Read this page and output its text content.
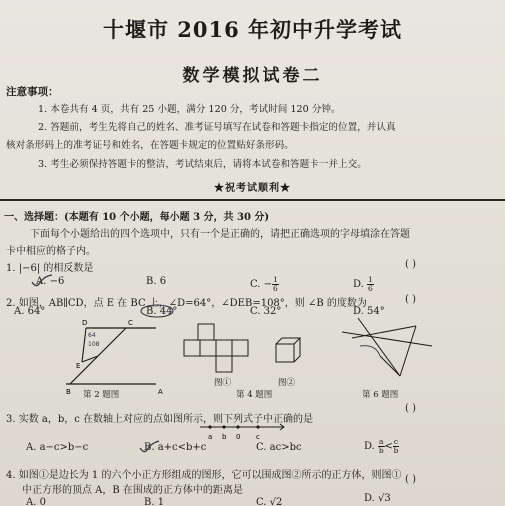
十堰市 2016 年初中升学考试
数学模拟试卷二
注意事项：
1. 本卷共有 4 页，共有 25 小题，满分 120 分，考试时间 120 分钟。
2. 答题前，考生先将自己的姓名、准考证号填写在试卷和答题卡指定的位置，并认真
核对条形码上的准考证号和姓名，在答题卡规定的位置贴好条形码。
3. 考生必须保持答题卡的整洁，考试结束后，请将本试卷和答题卡一并上交。
★祝考试顺利★
一、选择题：(本题有 10 个小题，每小题 3 分，共 30 分)
下面每个小题给出的四个选项中，只有一个是正确的，请把正确选项的字母填涂在答题
卡中相应的格子内。
1. |−6| 的相反数是	( )
A. −6	B. 6	C. − $\frac{1}{6}$	D. $\frac{1}{6}$
2. 如图，AB∥CD，点 E 在 BC 上，∠D=64°，∠DEB=108°，则 ∠B 的度数为	( )
A. 64°	B. 44°	C. 32°	D. 54°
D	C
E
B	A
108
64
第 2 题图
图①	图②
第 4 题图	第 6 题图
3. 实数 a，b，c 在数轴上对应的点如图所示，则下列式子中正确的是
( )
a b 0 c
A. a−c>b−c	B. a+c<b+c	C. ac>bc	D. $\frac{a}{b} < \frac{c}{b}$
4. 如图①是边长为 1 的六个小正方形组成的图形，它可以围成图②所示的正方体，则图①
中正方形的顶点 A，B 在围成的正方体中的距离是
( )
A. 0	B. 1	C. √2	D. √3
